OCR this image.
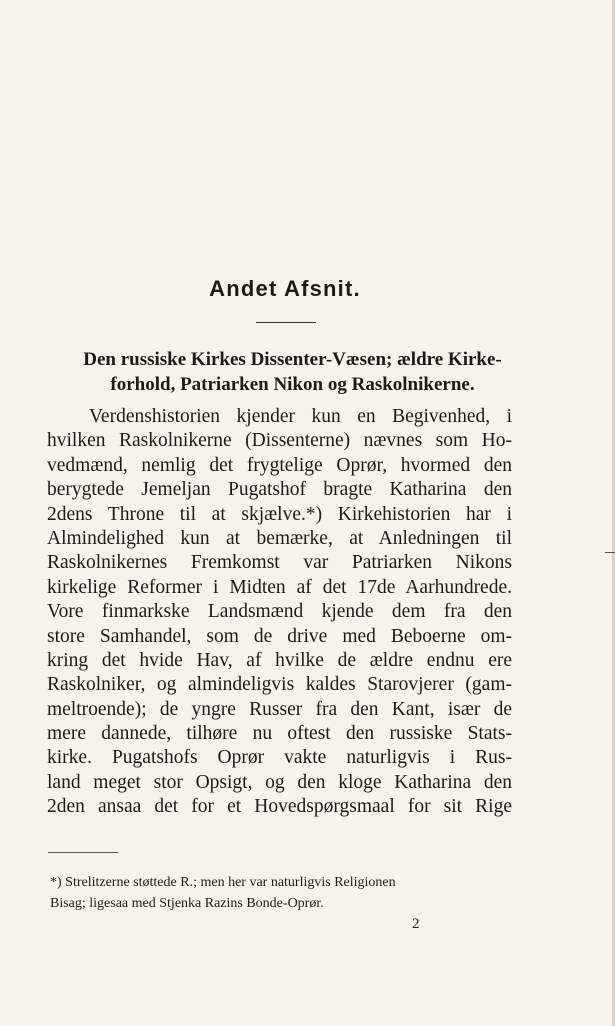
Andet Afsnit.
Den russiske Kirkes Dissenter-Væsen; ældre Kirke-
forhold, Patriarken Nikon og Raskolnikerne.
Verdenshistorien kjender kun en Begivenhed, i
hvilken Raskolnikerne (Dissenterne) nævnes som Ho-
vedmænd, nemlig det frygtelige Oprør, hvormed den
berygtede Jemeljan Pugatshof bragte Katharina den
2dens Throne til at skjælve.*) Kirkehistorien har i
Almindelighed kun at bemærke, at Anledningen til
Raskolnikernes Fremkomst var Patriarken Nikons
kirkelige Reformer i Midten af det 17de Aarhundrede.
Vore finmarkske Landsmænd kjende dem fra den
store Samhandel, som de drive med Beboerne om-
kring det hvide Hav, af hvilke de ældre endnu ere
Raskolniker, og almindeligvis kaldes Starovjerer (gam-
meltroende); de yngre Russer fra den Kant, især de
mere dannede, tilhøre nu oftest den russiske Stats-
kirke. Pugatshofs Oprør vakte naturligvis i Rus-
land meget stor Opsigt, og den kloge Katharina den
2den ansaa det for et Hovedspørgsmaal for sit Rige
*) Strelitzerne støttede R.; men her var naturligvis Religionen
Bisag; ligesaa med Stjenka Razins Bonde-Oprør.
2
